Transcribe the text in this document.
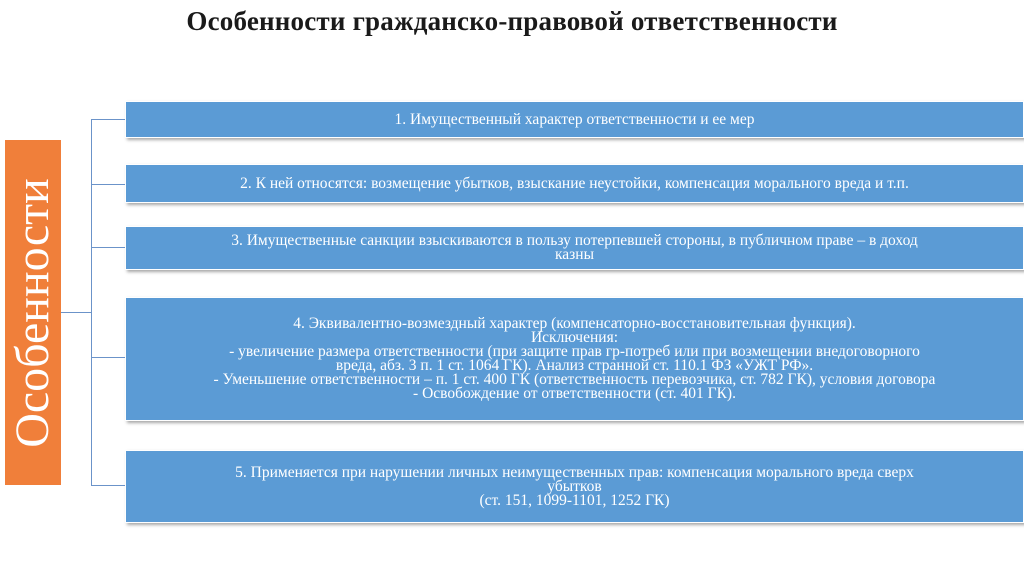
Особенности гражданско-правовой ответственности
Особенности
1. Имущественный характер ответственности и ее мер
2. К ней относятся: возмещение убытков, взыскание неустойки, компенсация морального вреда и т.п.
3. Имущественные санкции взыскиваются в пользу потерпевшей стороны, в публичном праве – в доход
казны
4. Эквивалентно-возмездный характер (компенсаторно-восстановительная функция).
Исключения:
- увеличение размера ответственности (при защите прав гр-потреб или при возмещении внедоговорного
вреда, абз. 3 п. 1 ст. 1064 ГК). Анализ странной ст. 110.1 ФЗ «УЖТ РФ».
- Уменьшение ответственности – п. 1 ст. 400 ГК (ответственность перевозчика, ст. 782 ГК), условия договора
- Освобождение от ответственности (ст. 401 ГК).
5. Применяется при нарушении личных неимущественных прав: компенсация морального вреда сверх
убытков
(ст. 151, 1099-1101, 1252 ГК)
